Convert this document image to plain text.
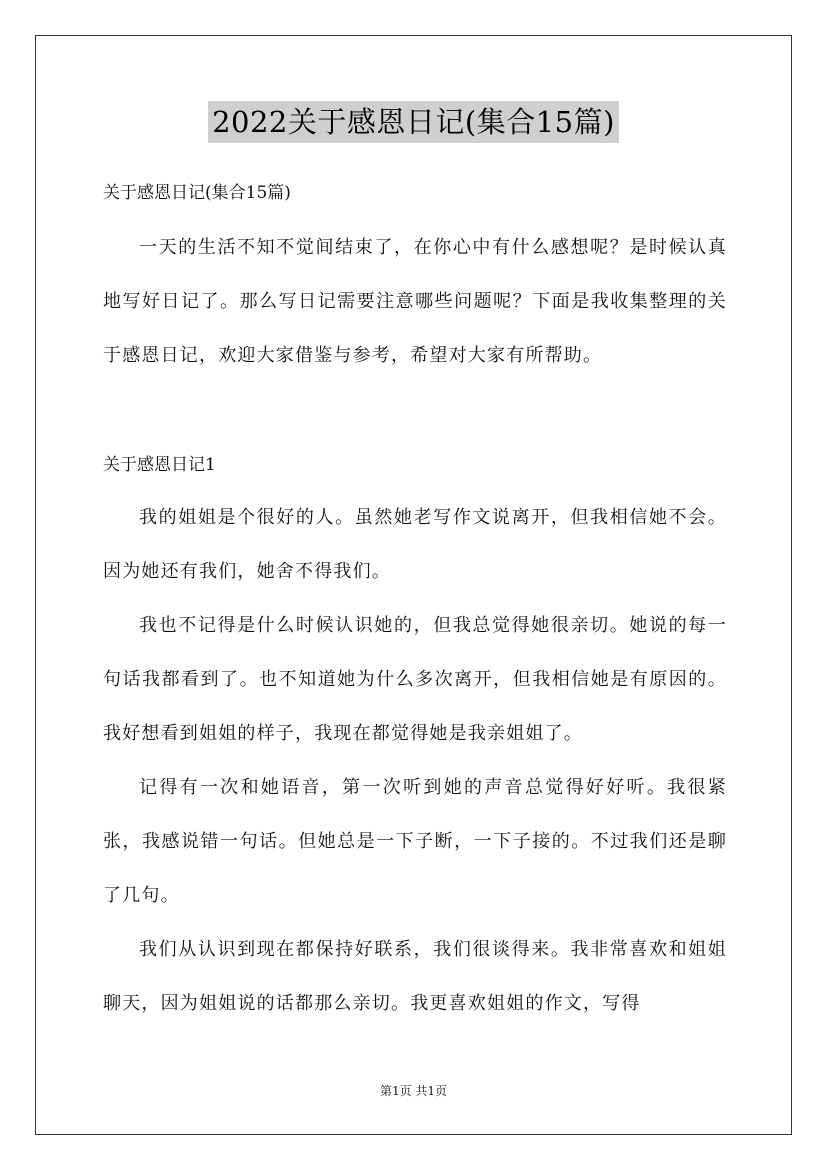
2022关于感恩日记(集合15篇)
关于感恩日记(集合15篇)

一天的生活不知不觉间结束了，在你心中有什么感想呢？是时候认真地写好日记了。那么写日记需要注意哪些问题呢？下面是我收集整理的关于感恩日记，欢迎大家借鉴与参考，希望对大家有所帮助。

关于感恩日记1

我的姐姐是个很好的人。虽然她老写作文说离开，但我相信她不会。因为她还有我们，她舍不得我们。

我也不记得是什么时候认识她的，但我总觉得她很亲切。她说的每一句话我都看到了。也不知道她为什么多次离开，但我相信她是有原因的。我好想看到姐姐的样子，我现在都觉得她是我亲姐姐了。

记得有一次和她语音，第一次听到她的声音总觉得好好听。我很紧张，我感说错一句话。但她总是一下子断，一下子接的。不过我们还是聊了几句。

我们从认识到现在都保持好联系，我们很谈得来。我非常喜欢和姐姐聊天，因为姐姐说的话都那么亲切。我更喜欢姐姐的作文，写得

第1页 共1页
